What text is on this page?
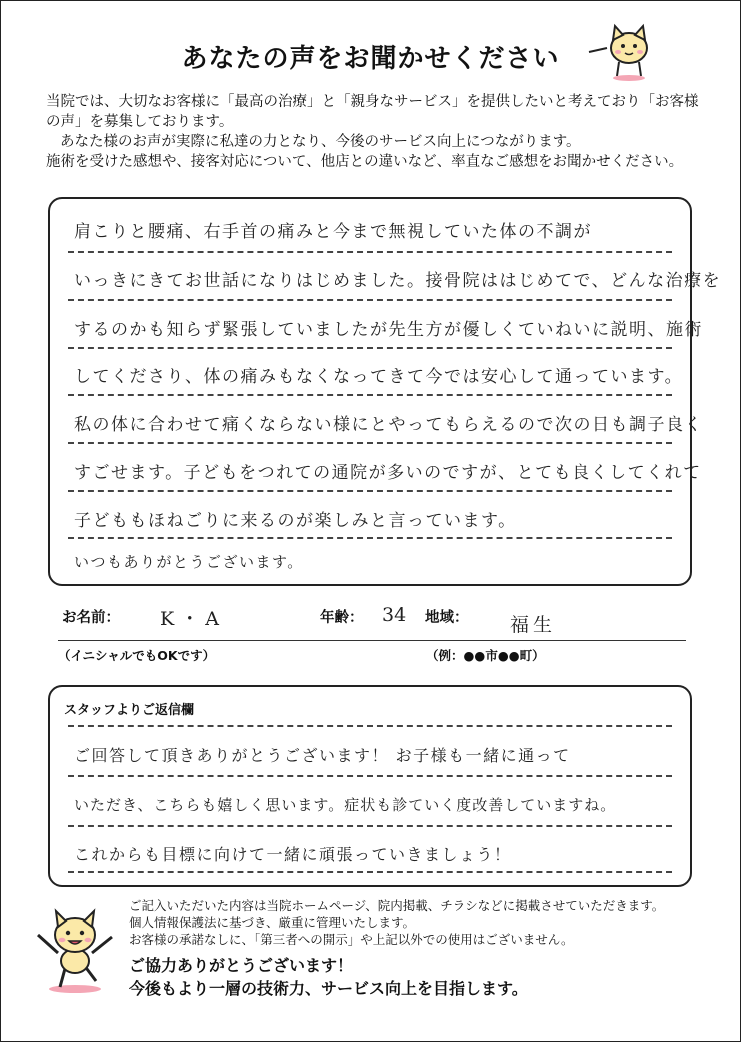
あなたの声をお聞かせください

当院では、大切なお客様に「最高の治療」と「親身なサービス」を提供したいと考えており「お客様の声」を募集しております。

あなた様のお声が実際に私達の力となり、今後のサービス向上につながります。

施術を受けた感想や、接客対応について、他店との違いなど、率直なご感想をお聞かせください。

肩こりと腰痛、右手首の痛みと今まで無視していた体の不調が
いっきにきてお世話になりはじめました。接骨院ははじめてで、どんな治療を
するのかも知らず緊張していましたが先生方が優しくていねいに説明、施術
してくださり、体の痛みもなくなってきて今では安心して通っています。
私の体に合わせて痛くならない様にとやってもらえるので次の日も調子良く
すごせます。子どもをつれての通院が多いのですが、とても良くしてくれて
子どももほねごりに来るのが楽しみと言っています。
いつもありがとうございます。
お名前： K・A	年齢： 34 地域： 福生
（イニシャルでもOKです）	（例：●●市●●町）
スタッフよりご返信欄
ご回答して頂きありがとうございます！ お子様も一緒に通って
いただき、こちらも嬉しく思います。症状も診ていく度改善していますね。
これからも目標に向けて一緒に頑張っていきましょう！

ご記入いただいた内容は当院ホームページ、院内掲載、チラシなどに掲載させていただきます。

個人情報保護法に基づき、厳重に管理いたします。

お客様の承諾なしに、「第三者への開示」や上記以外での使用はございません。

ご協力ありがとうございます！

今後もより一層の技術力、サービス向上を目指します。
